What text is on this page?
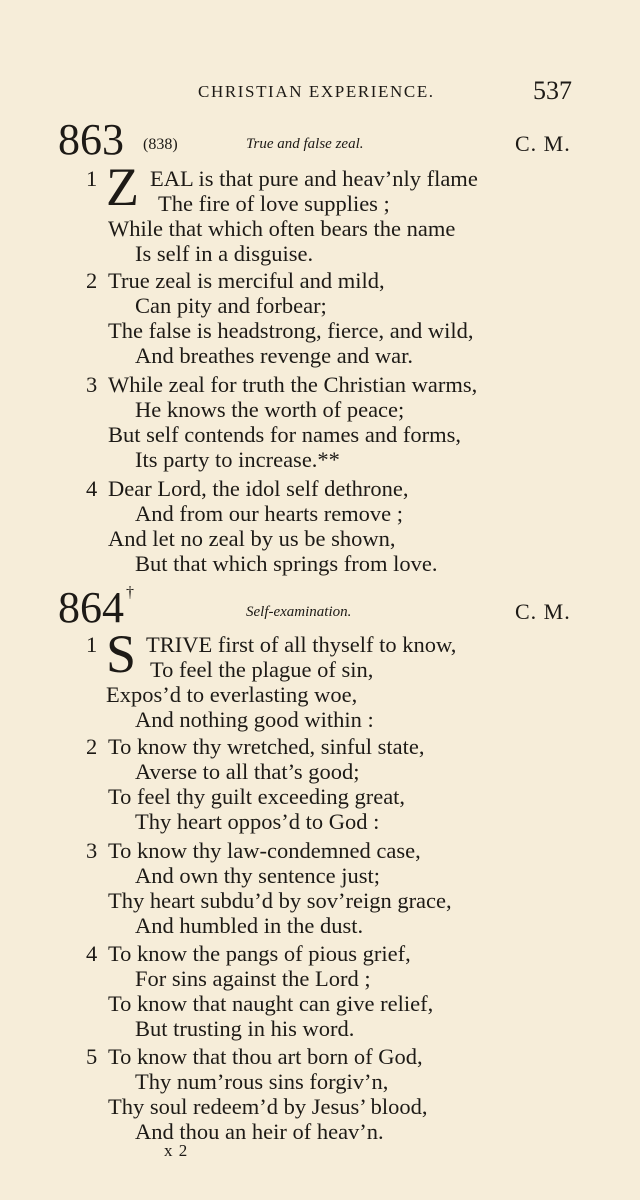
CHRISTIAN EXPERIENCE.	537
863 (838)	True and false zeal.	C. M.
864 †
Self-examination.	C. M.
Z
1 EAL is that pure and heav’nly flame
The fire of love supplies ;
While that which often bears the name
Is self in a disguise.
2 True zeal is merciful and mild,
Can pity and forbear;
The false is headstrong, fierce, and wild,
And breathes revenge and war.
3 While zeal for truth the Christian warms,
He knows the worth of peace;
But self contends for names and forms,
Its party to increase.**
4 Dear Lord, the idol self dethrone,
And from our hearts remove ;
And let no zeal by us be shown,
But that which springs from love.
S
1 TRIVE first of all thyself to know,
To feel the plague of sin,
Expos’d to everlasting woe,
And nothing good within :
2 To know thy wretched, sinful state,
Averse to all that’s good;
To feel thy guilt exceeding great,
Thy heart oppos’d to God :
3 To know thy law-condemned case,
And own thy sentence just;
Thy heart subdu’d by sov’reign grace,
And humbled in the dust.
4 To know the pangs of pious grief,
For sins against the Lord ;
To know that naught can give relief,
But trusting in his word.
5 To know that thou art born of God,
Thy num’rous sins forgiv’n,
Thy soul redeem’d by Jesus’ blood,
And thou an heir of heav’n.
x 2
